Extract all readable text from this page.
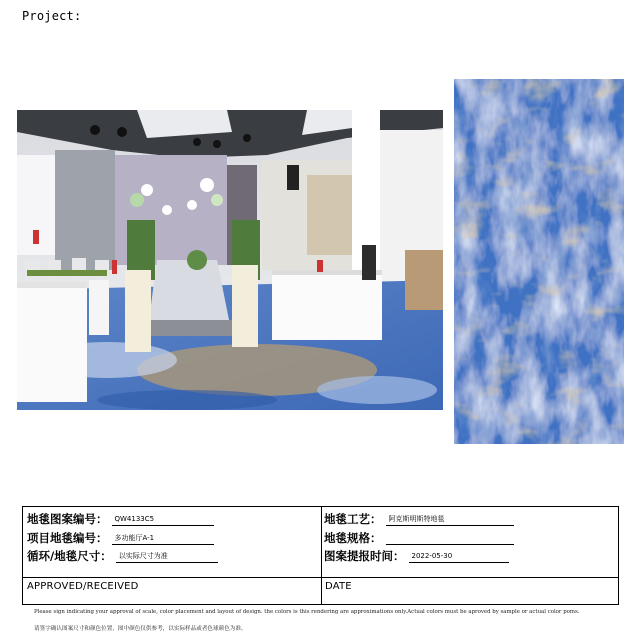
Project:
地毯图案编号：	QW4133C5
项目地毯编号：	多功能厅A-1
循环/地毯尺寸：	以实际尺寸为准
地毯工艺：	阿克斯明斯特地毯
地毯规格：
图案提报时间：	2022-05-30
APPROVED/RECEIVED	DATE
Please sign indicating your approval of scale, color placement and layout of design. the colors is this rendering are approximations only.Actual colors must be aproved by sample or actual color poms.
请签字确认图案尺寸和颜色位置，图中颜色仅供参考，以实际样品或者色球颜色为准。
